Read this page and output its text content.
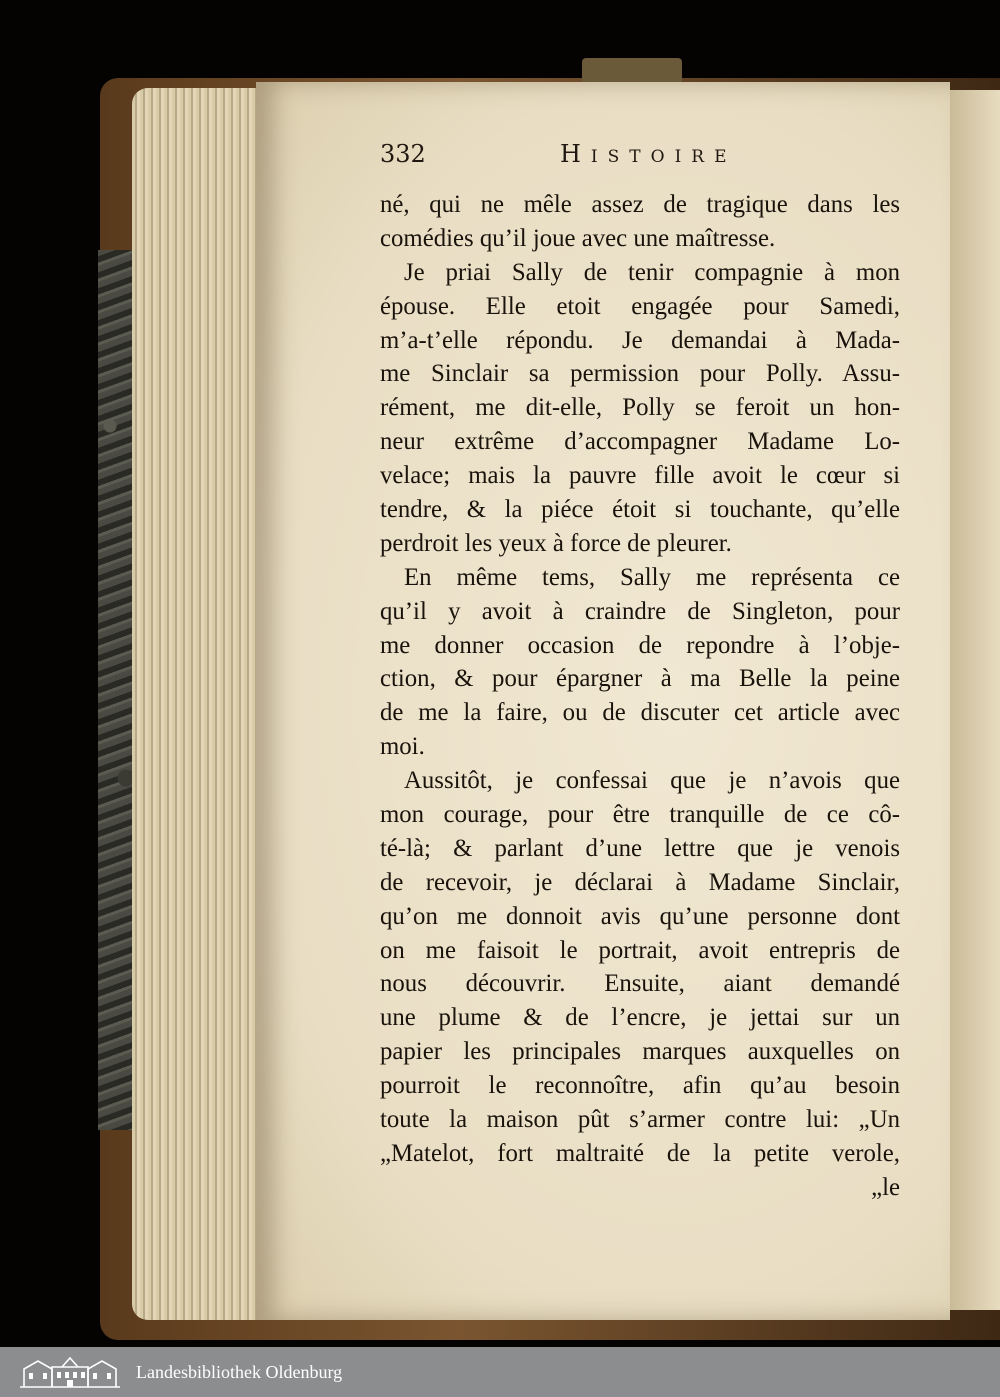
332	Histoire
né, qui ne mêle assez de tragique dans les
comédies qu’il joue avec une maîtresse.
Je priai Sally de tenir compagnie à mon
épouse. Elle etoit engagée pour Samedi,
m’a-t’elle répondu. Je demandai à Mada-
me Sinclair sa permission pour Polly. Assu-
rément, me dit-elle, Polly se feroit un hon-
neur extrême d’accompagner Madame Lo-
velace; mais la pauvre fille avoit le cœur si
tendre, & la piéce étoit si touchante, qu’elle
perdroit les yeux à force de pleurer.
En même tems, Sally me représenta ce
qu’il y avoit à craindre de Singleton, pour
me donner occasion de repondre à l’obje-
ction, & pour épargner à ma Belle la peine
de me la faire, ou de discuter cet article avec
moi.
Aussitôt, je confessai que je n’avois que
mon courage, pour être tranquille de ce cô-
té-là; & parlant d’une lettre que je venois
de recevoir, je déclarai à Madame Sinclair,
qu’on me donnoit avis qu’une personne dont
on me faisoit le portrait, avoit entrepris de
nous découvrir. Ensuite, aiant demandé
une plume & de l’encre, je jettai sur un
papier les principales marques auxquelles on
pourroit le reconnoître, afin qu’au besoin
toute la maison pût s’armer contre lui: „Un
„Matelot, fort maltraité de la petite verole,
„le
Landesbibliothek Oldenburg
